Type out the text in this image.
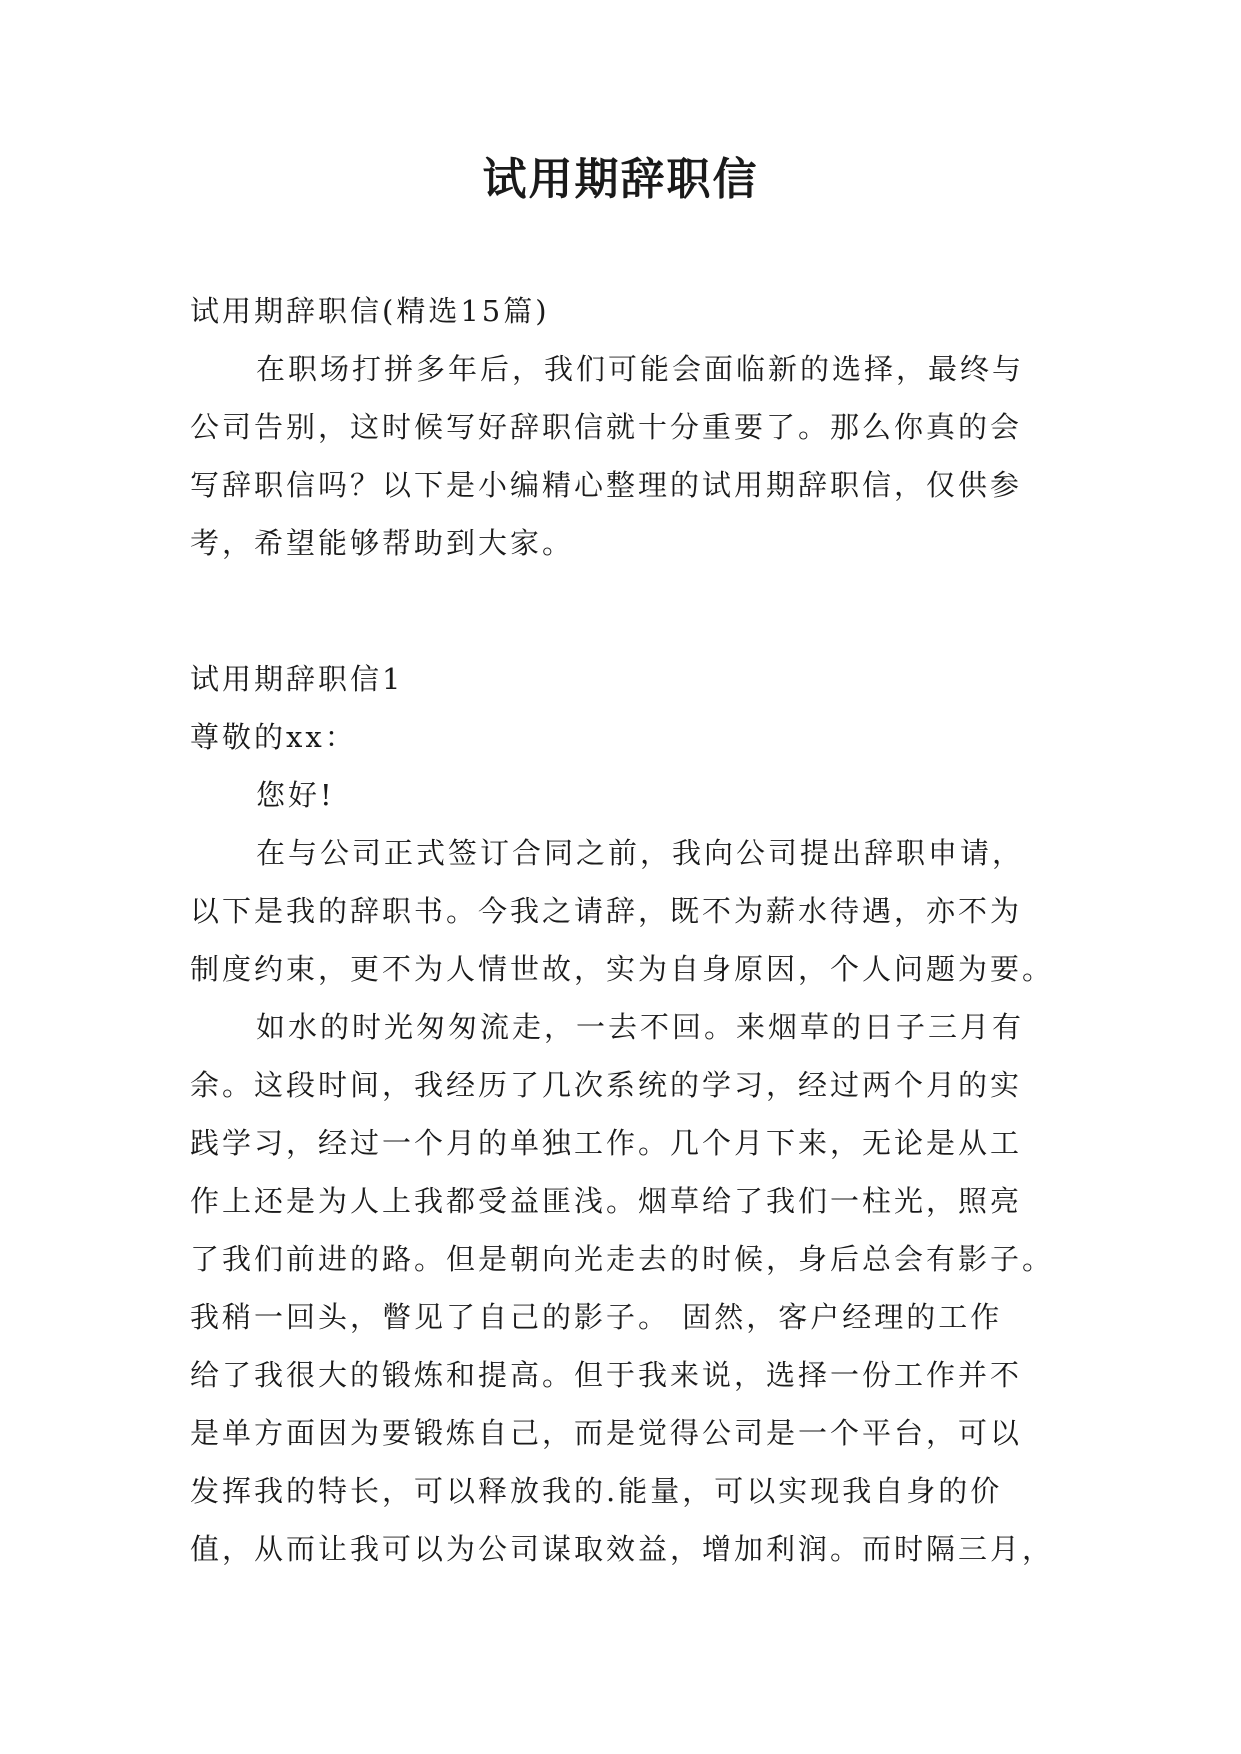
试用期辞职信
试用期辞职信(精选15篇)
在职场打拼多年后，我们可能会面临新的选择，最终与
公司告别，这时候写好辞职信就十分重要了。那么你真的会
写辞职信吗？以下是小编精心整理的试用期辞职信，仅供参
考，希望能够帮助到大家。
试用期辞职信1
尊敬的xx：
您好!
在与公司正式签订合同之前，我向公司提出辞职申请，
以下是我的辞职书。今我之请辞，既不为薪水待遇，亦不为
制度约束，更不为人情世故，实为自身原因，个人问题为要。
如水的时光匆匆流走，一去不回。来烟草的日子三月有
余。这段时间，我经历了几次系统的学习，经过两个月的实
践学习，经过一个月的单独工作。几个月下来，无论是从工
作上还是为人上我都受益匪浅。烟草给了我们一柱光，照亮
了我们前进的路。但是朝向光走去的时候，身后总会有影子。
我稍一回头，瞥见了自己的影子。 固然，客户经理的工作
给了我很大的锻炼和提高。但于我来说，选择一份工作并不
是单方面因为要锻炼自己，而是觉得公司是一个平台，可以
发挥我的特长，可以释放我的.能量，可以实现我自身的价
值，从而让我可以为公司谋取效益，增加利润。而时隔三月，
